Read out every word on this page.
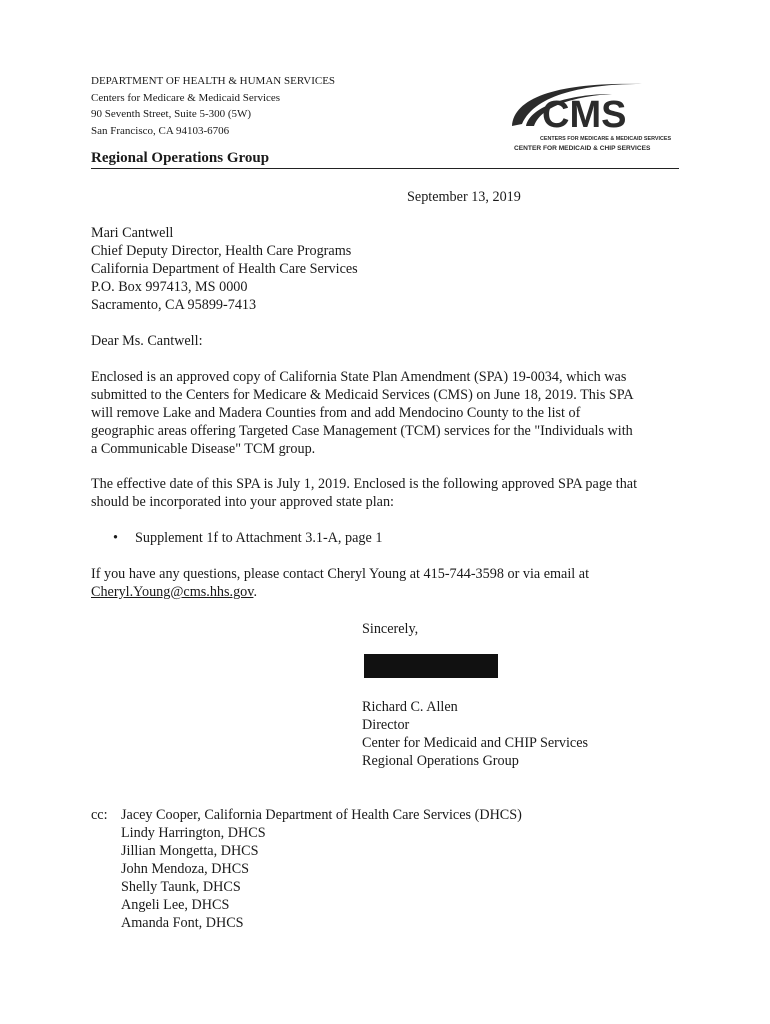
DEPARTMENT OF HEALTH & HUMAN SERVICES
Centers for Medicare & Medicaid Services
90 Seventh Street, Suite 5-300 (5W)
San Francisco, CA 94103-6706	CMS
CENTERS FOR MEDICARE & MEDICAID SERVICES
CENTER FOR MEDICAID & CHIP SERVICES
Regional Operations Group
September 13, 2019
Mari Cantwell
Chief Deputy Director, Health Care Programs
California Department of Health Care Services
P.O. Box 997413, MS 0000
Sacramento, CA 95899-7413
Dear Ms. Cantwell:
Enclosed is an approved copy of California State Plan Amendment (SPA) 19-0034, which was
submitted to the Centers for Medicare & Medicaid Services (CMS) on June 18, 2019. This SPA
will remove Lake and Madera Counties from and add Mendocino County to the list of
geographic areas offering Targeted Case Management (TCM) services for the "Individuals with
a Communicable Disease" TCM group.
The effective date of this SPA is July 1, 2019. Enclosed is the following approved SPA page that
should be incorporated into your approved state plan:
• Supplement 1f to Attachment 3.1-A, page 1
If you have any questions, please contact Cheryl Young at 415-744-3598 or via email at
Cheryl.Young@cms.hhs.gov.
Sincerely,
Richard C. Allen
Director
Center for Medicaid and CHIP Services
Regional Operations Group
cc: Jacey Cooper, California Department of Health Care Services (DHCS)
Lindy Harrington, DHCS
Jillian Mongetta, DHCS
John Mendoza, DHCS
Shelly Taunk, DHCS
Angeli Lee, DHCS
Amanda Font, DHCS
